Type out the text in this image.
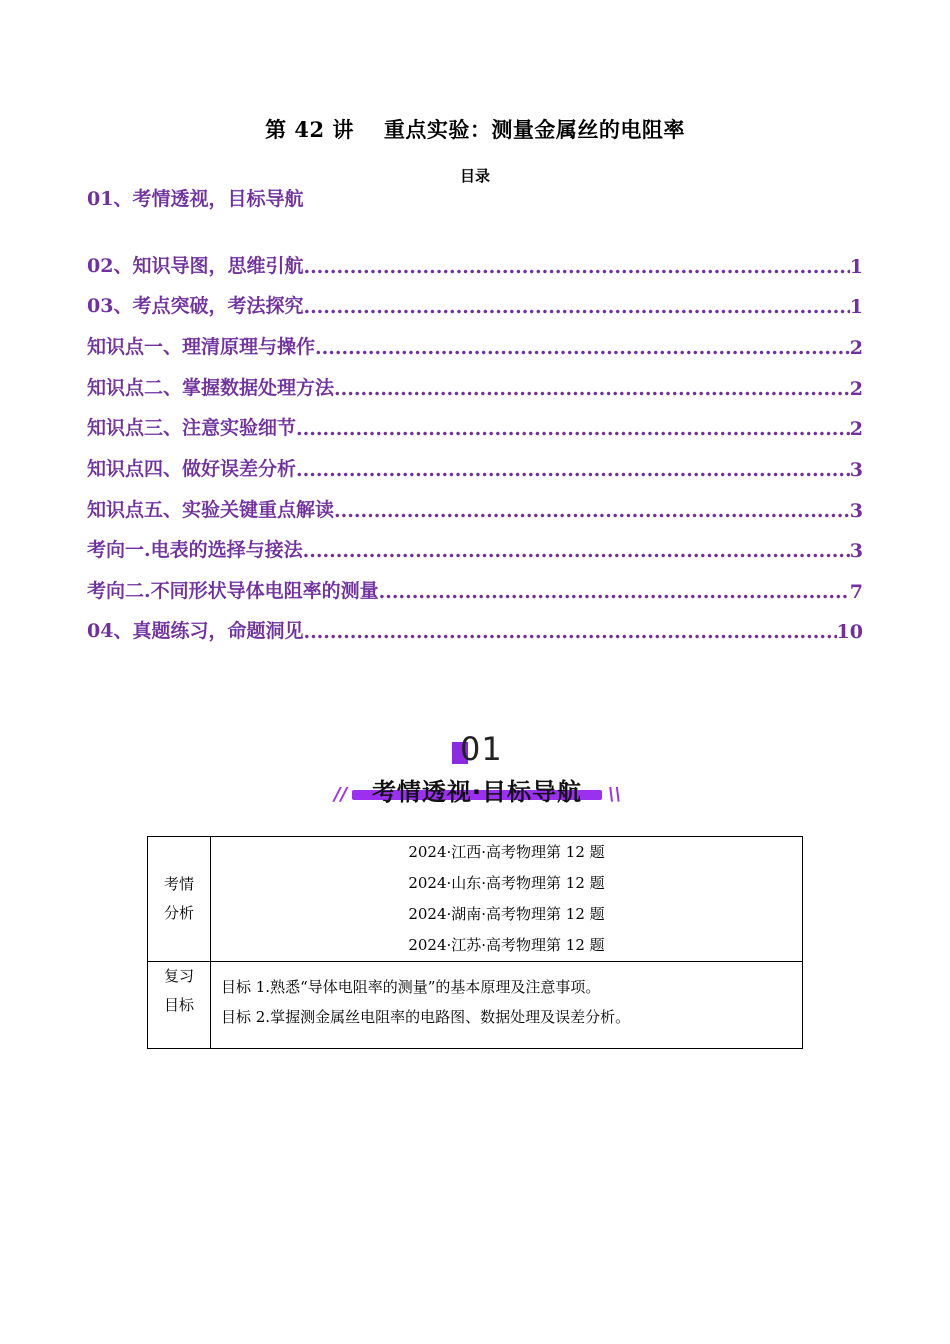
第 42 讲 重点实验：测量金属丝的电阻率
目录
01、考情透视，目标导航
02、知识导图，思维引航 .....	1
03、考点突破，考法探究 .....	1
知识点一、理清原理与操作 .....	2
知识点二、掌握数据处理方法 .....	2
知识点三、注意实验细节 .....	2
知识点四、做好误差分析 .....	3
知识点五、实验关键重点解读 .....	3
考向一.电表的选择与接法 .....	3
考向二.不同形状导体电阻率的测量 .....	7
04、真题练习，命题洞见 .....	10
01
//	考情透视·目标导航	\\
考情分析	2024·江西·高考物理第 12 题
2024·山东·高考物理第 12 题
2024·湖南·高考物理第 12 题
2024·江苏·高考物理第 12 题

复习目标	目标 1.熟悉“导体电阻率的测量”的基本原理及注意事项。
目标 2.掌握测金属丝电阻率的电路图、数据处理及误差分析。
